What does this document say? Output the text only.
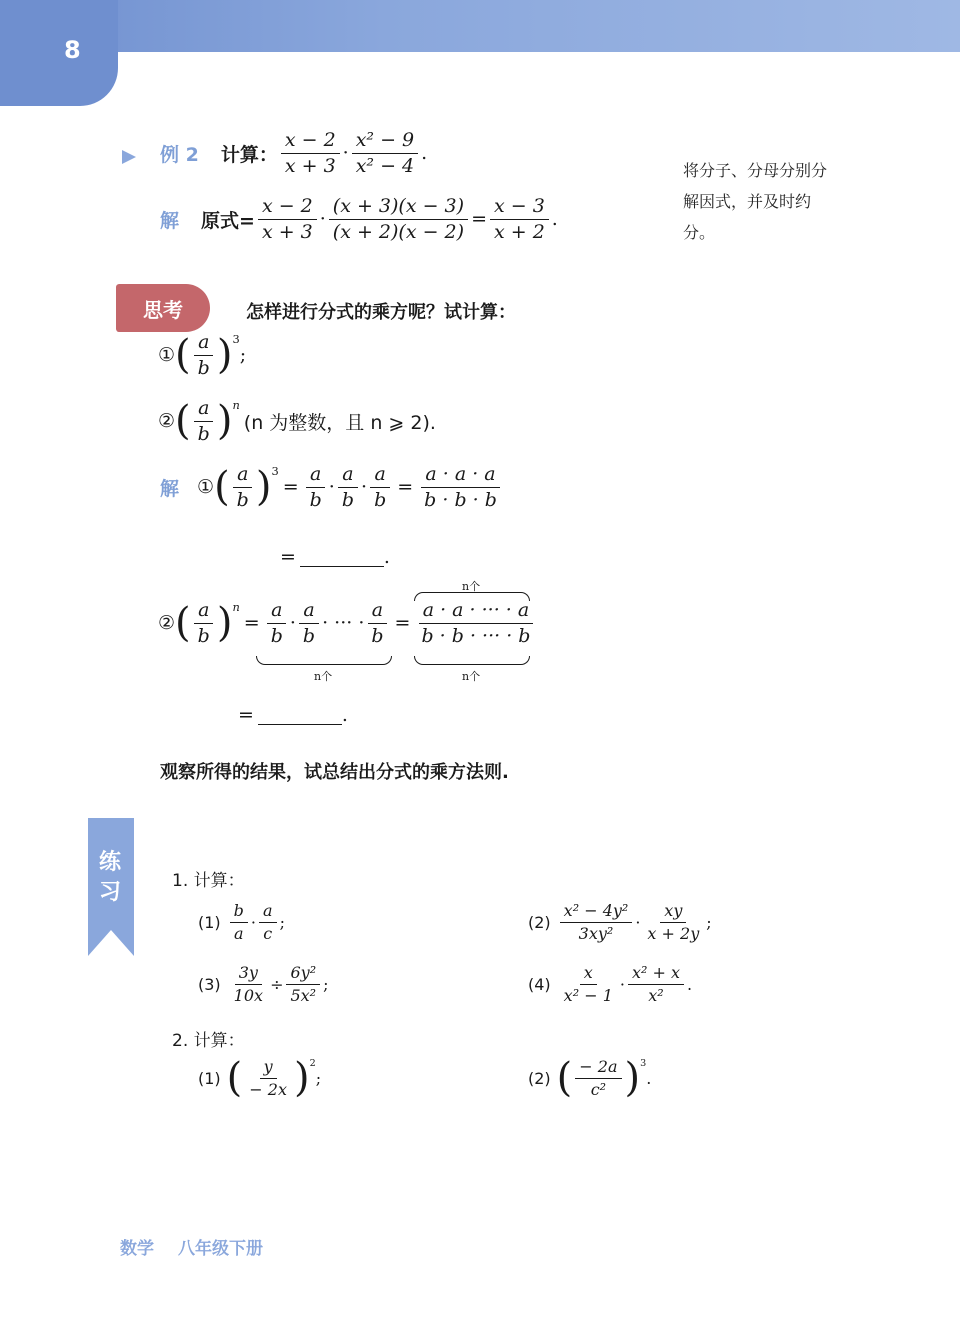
8
例 2 计算： $\frac{x - 2}{x + 3} \cdot \frac{\text{x² − 9}}{\text{x² − 4}}$ .
解 原式= $\frac{x - 2}{x + 3} \cdot \frac{(x + 3)(x - 3)}{(x + 2)(x - 2)} = \frac{x - 3}{x + 2}$ .
将分子、分母分别分解因式，并及时约分。
思考	怎样进行分式的乘方呢？试计算：
① ( $\frac{a}{b} )^3$
;
② ( $\frac{a}{b} )^n$
(n 为整数，且 n ⩾ 2).
解 ① ( $\frac{a}{b} )^3$
= $\frac{a}{b} \cdot \frac{a}{b} \cdot \frac{a}{b} = \frac{a \cdot a \cdot a}{b \cdot b \cdot b}$
=	.
② ( $\frac{a}{b} )^n$
= $\frac{a}{b} \cdot \frac{a}{b}$ · ··· · $\frac{a}{b} = \frac{a \cdot a \cdot \cdot\cdot\cdot \cdot a}{b \cdot b \cdot \cdot\cdot\cdot \cdot b}$
n个
n个	n个
=	.
观察所得的结果，试总结出分式的乘方法则.
练习	1. 计算：
$(1) \frac{b}{a} \cdot \frac{a}{c}$ ;	$(2) \frac{\text{x² − 4y²}}{\text{3xy²}} \cdot \frac{xy}{x + 2y}$ ;
$(3) \frac{3y}{10x} \div \frac{\text{6y²}}{\text{5x²}}$ ;	$(4) \frac{x}{\text{x² − 1}} \cdot \frac{\text{x² + x}}{\text{x²}}$ .
2. 计算：
(1) ( $\frac{y}{- 2x} )^2$
;	(2) ( $\frac{- 2a}{\text{c²}} )^3$
.
数学 八年级下册
